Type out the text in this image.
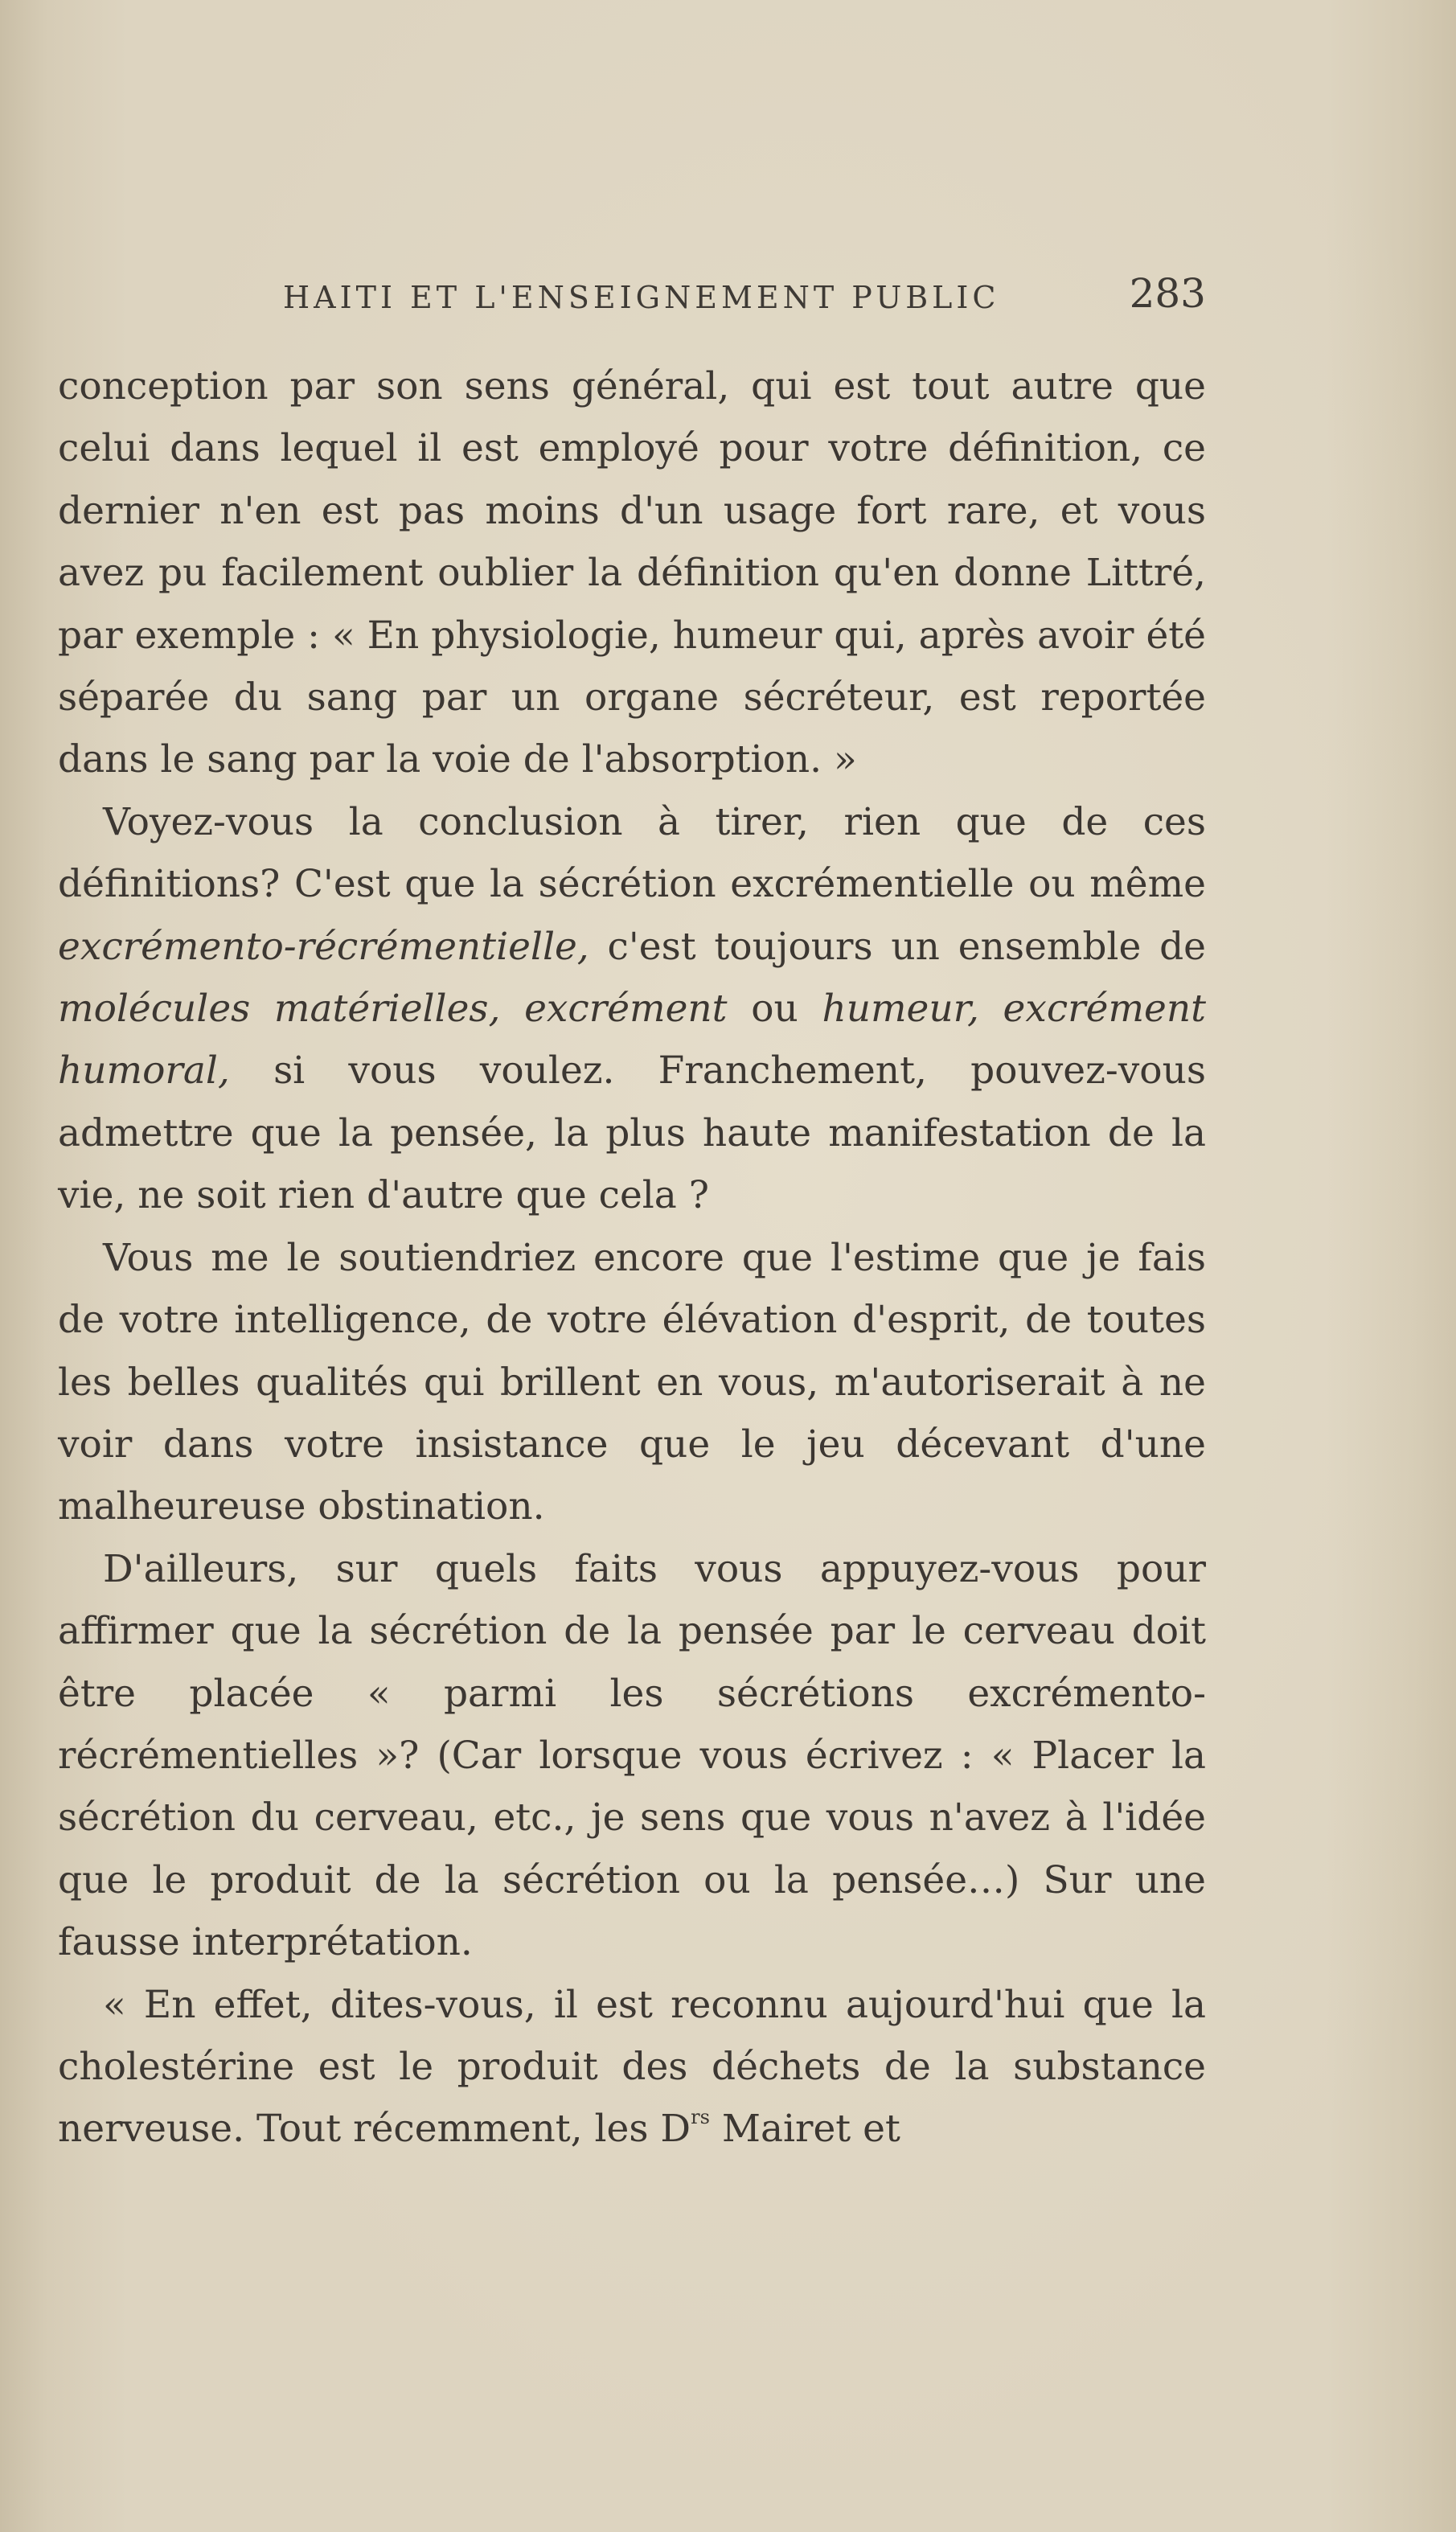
HAITI ET L'ENSEIGNEMENT PUBLIC	283

conception par son sens général, qui est tout autre que celui dans lequel il est employé pour votre définition, ce dernier n'en est pas moins d'un usage fort rare, et vous avez pu facilement oublier la définition qu'en donne Littré, par exemple : « En physiologie, humeur qui, après avoir été séparée du sang par un organe sécréteur, est reportée dans le sang par la voie de l'absorption. »

Voyez-vous la conclusion à tirer, rien que de ces définitions? C'est que la sécrétion excrémentielle ou même excrémento-récrémentielle, c'est toujours un ensemble de molécules matérielles, excrément ou humeur, excrément humoral, si vous voulez. Franchement, pouvez-vous admettre que la pensée, la plus haute manifestation de la vie, ne soit rien d'autre que cela ?

Vous me le soutiendriez encore que l'estime que je fais de votre intelligence, de votre élévation d'esprit, de toutes les belles qualités qui brillent en vous, m'autoriserait à ne voir dans votre insistance que le jeu décevant d'une malheureuse obstination.

D'ailleurs, sur quels faits vous appuyez-vous pour affirmer que la sécrétion de la pensée par le cerveau doit être placée « parmi les sécrétions excrémento-récrémentielles »? (Car lorsque vous écrivez : « Placer la sécrétion du cerveau, etc., je sens que vous n'avez à l'idée que le produit de la sécrétion ou la pensée…) Sur une fausse interprétation.

« En effet, dites-vous, il est reconnu aujourd'hui que la cholestérine est le produit des déchets de la substance nerveuse. Tout récemment, les $D^{rs}$ Mairet et
